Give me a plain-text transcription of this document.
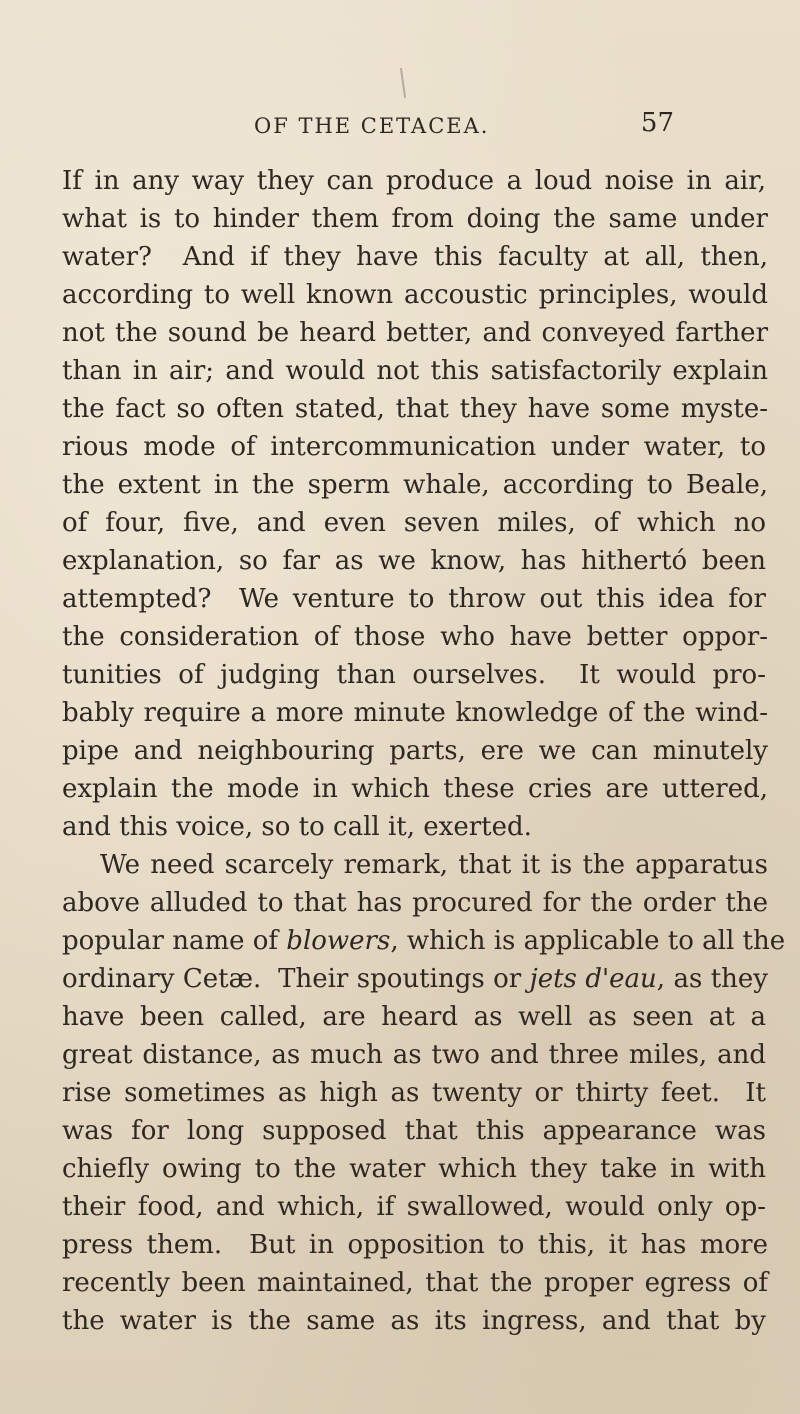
OF THE CETACEA.	57
If in any way they can produce a loud noise in air,
what is to hinder them from doing the same under
water?  And if they have this faculty at all, then,
according to well known accoustic principles, would
not the sound be heard better, and conveyed farther
than in air; and would not this satisfactorily explain
the fact so often stated, that they have some myste-
rious mode of intercommunication under water, to
the extent in the sperm whale, according to Beale,
of four, five, and even seven miles, of which no
explanation, so far as we know, has hithertó been
attempted?  We venture to throw out this idea for
the consideration of those who have better oppor-
tunities of judging than ourselves.  It would pro-
bably require a more minute knowledge of the wind-
pipe and neighbouring parts, ere we can minutely
explain the mode in which these cries are uttered,
and this voice, so to call it, exerted.
We need scarcely remark, that it is the apparatus
above alluded to that has procured for the order the
popular name of blowers, which is applicable to all the
ordinary Cetæ.  Their spoutings or jets d'eau, as they
have been called, are heard as well as seen at a
great distance, as much as two and three miles, and
rise sometimes as high as twenty or thirty feet.  It
was for long supposed that this appearance was
chiefly owing to the water which they take in with
their food, and which, if swallowed, would only op-
press them.  But in opposition to this, it has more
recently been maintained, that the proper egress of
the water is the same as its ingress, and that by
